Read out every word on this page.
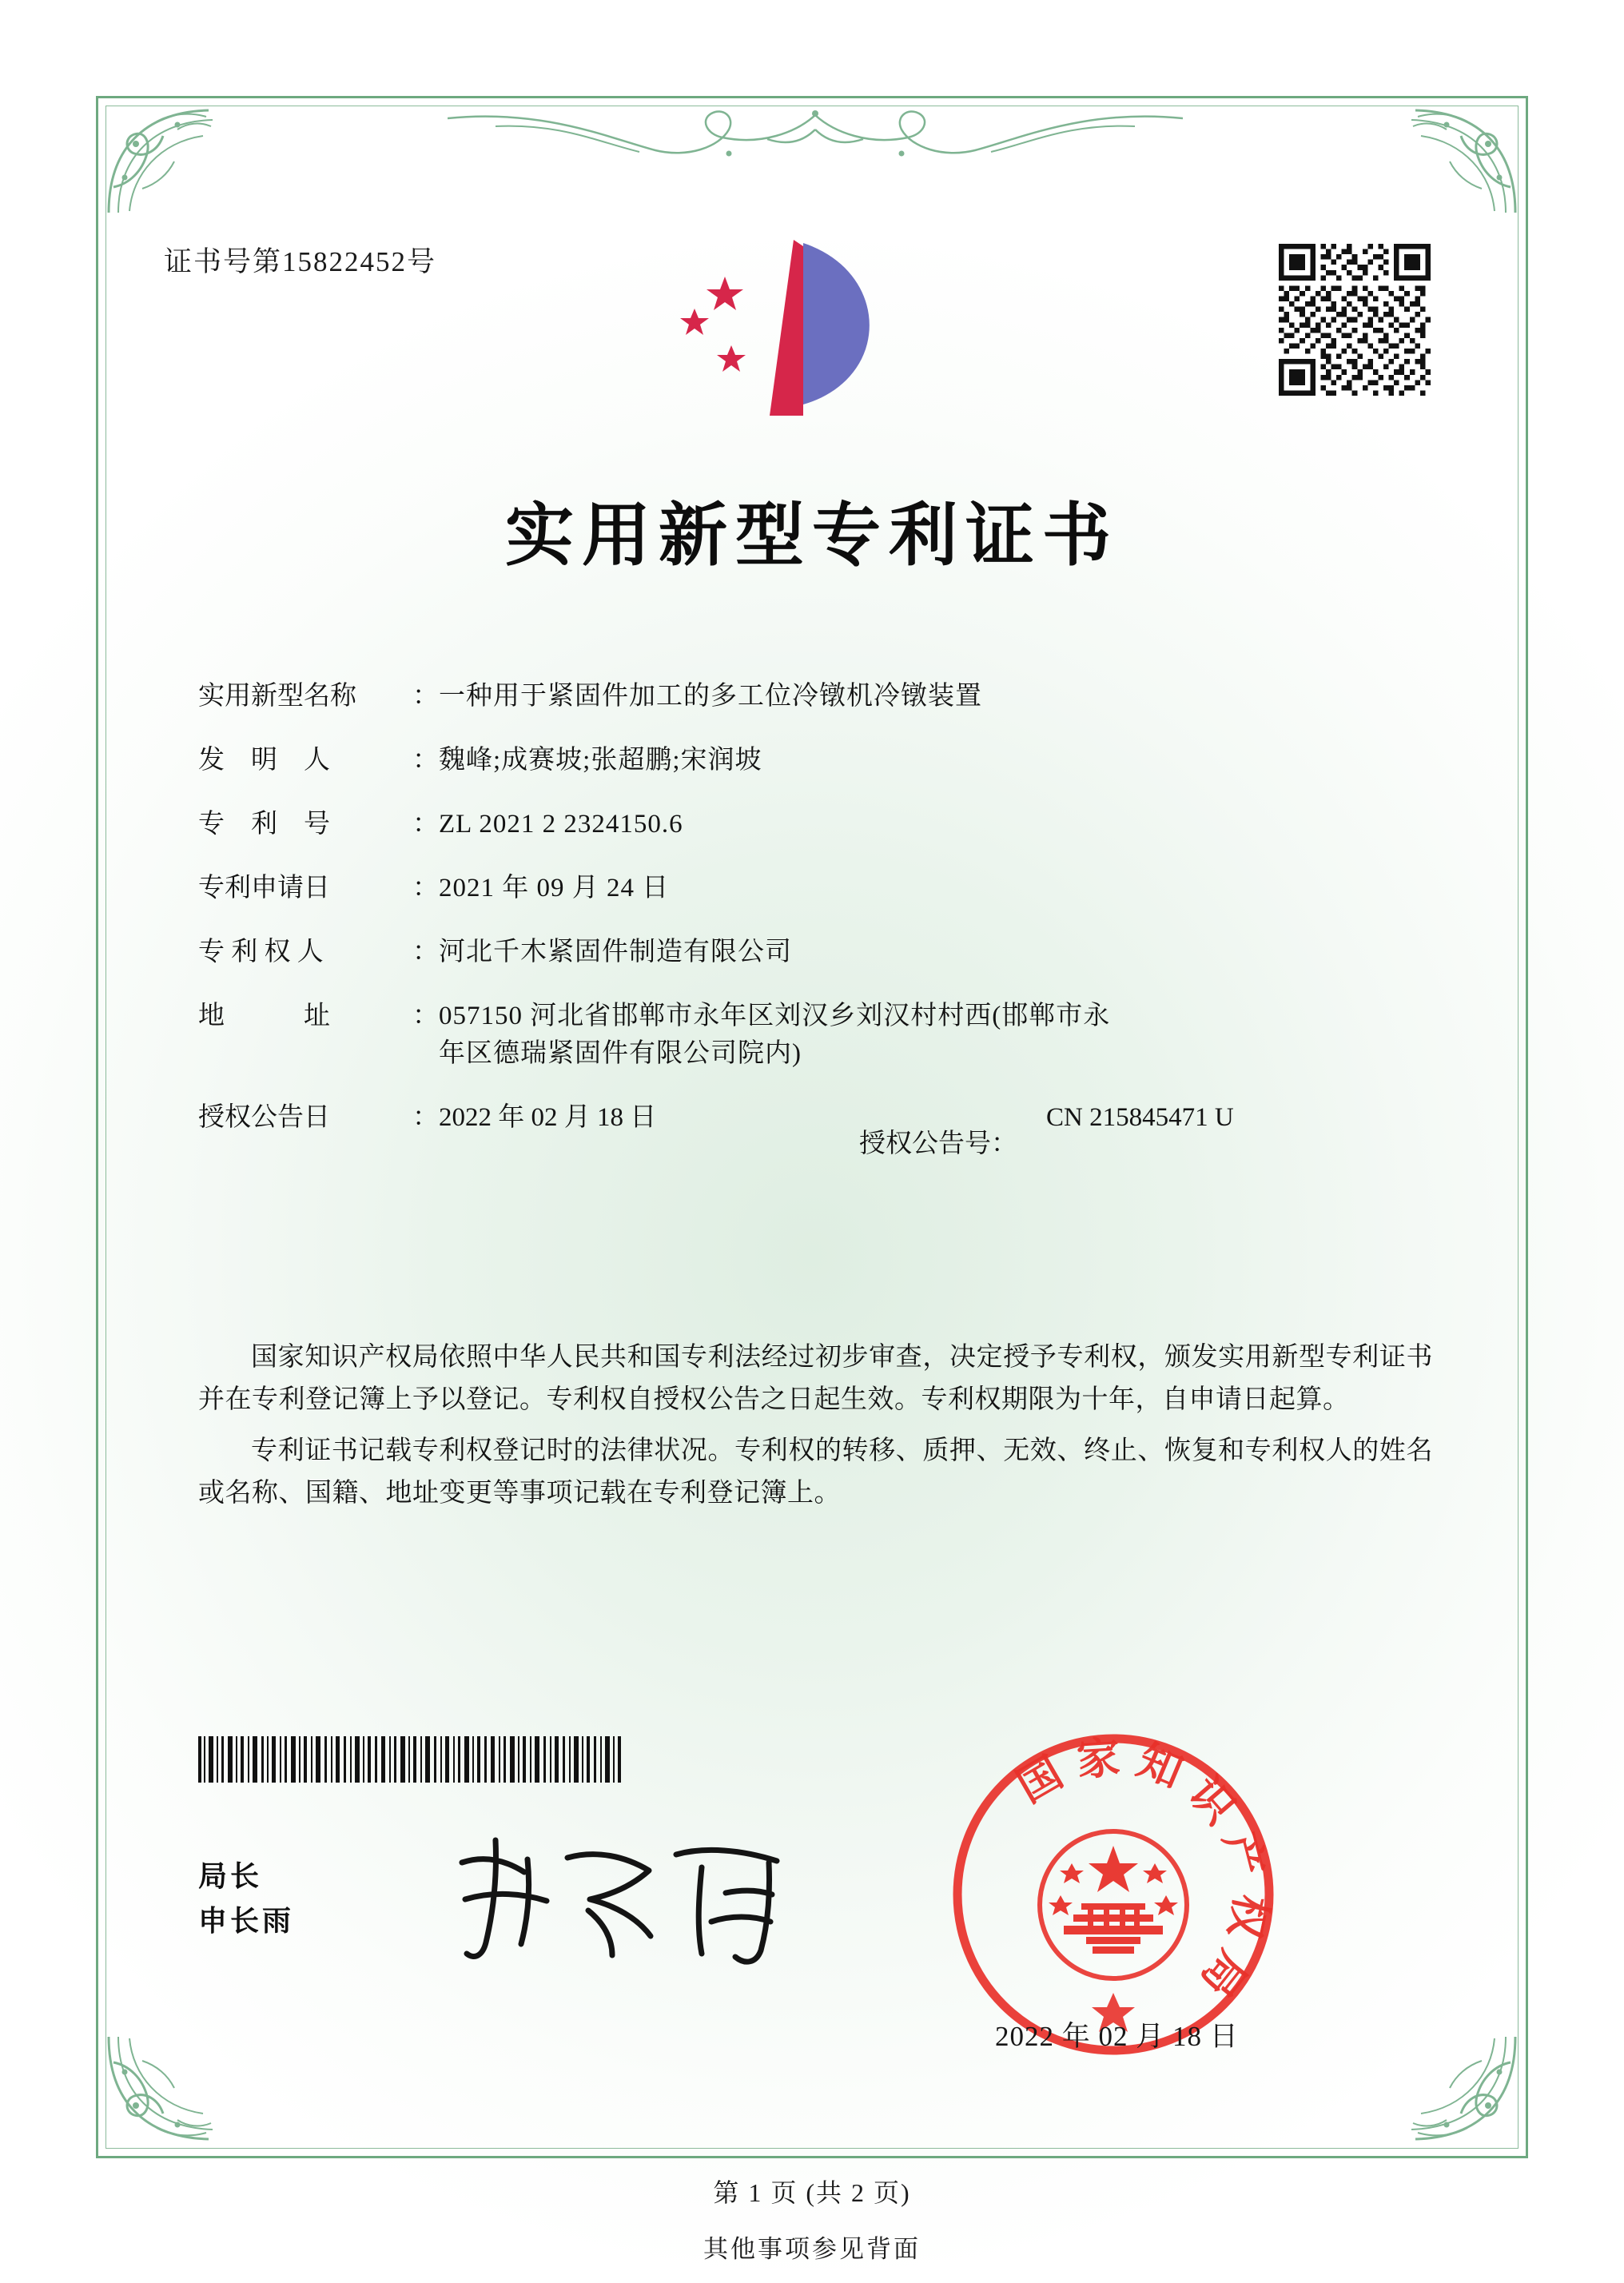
证书号第15822452号
实用新型专利证书
实用新型名称	： 一种用于紧固件加工的多工位冷镦机冷镦装置
发　明　人	： 魏峰;成赛坡;张超鹏;宋润坡
专　利　号	： ZL 2021 2 2324150.6
专利申请日	： 2021 年 09 月 24 日
专 利 权 人	： 河北千木紧固件制造有限公司
地　　　址	： 057150 河北省邯郸市永年区刘汉乡刘汉村村西(邯郸市永
年区德瑞紧固件有限公司院内)
授权公告日	： 2022 年 02 月 18 日

授权公告号：

CN 215845471 U

国家知识产权局依照中华人民共和国专利法经过初步审查，决定授予专利权，颁发实用新型专利证书并在专利登记簿上予以登记。专利权自授权公告之日起生效。专利权期限为十年，自申请日起算。

专利证书记载专利权登记时的法律状况。专利权的转移、质押、无效、终止、恢复和专利权人的姓名或名称、国籍、地址变更等事项记载在专利登记簿上。

局长
申长雨
国家知识产权局
2022 年 02 月 18 日
第 1 页 (共 2 页)
其他事项参见背面
